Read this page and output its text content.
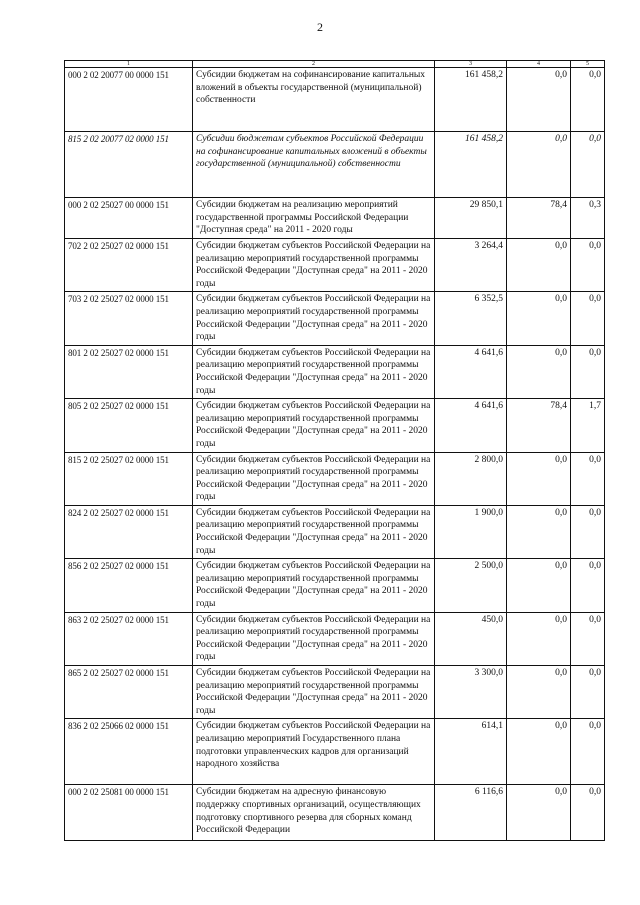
2
1	2	3	4	5
000 2 02 20077 00 0000 151	Субсидии бюджетам на софинансирование капитальных вложений в объекты государственной (муниципальной) собственности	161 458,2	0,0	0,0
815 2 02 20077 02 0000 151	Субсидии бюджетам субъектов Российской Федерации на софинансирование капитальных вложений в объекты государственной (муниципальной) собственности	161 458,2	0,0	0,0
000 2 02 25027 00 0000 151	Субсидии бюджетам на реализацию мероприятий государственной программы Российской Федерации "Доступная среда" на 2011 - 2020 годы	29 850,1	78,4	0,3
702 2 02 25027 02 0000 151	Субсидии бюджетам субъектов Российской Федерации на реализацию мероприятий государственной программы Российской Федерации "Доступная среда" на 2011 - 2020 годы	3 264,4	0,0	0,0
703 2 02 25027 02 0000 151	Субсидии бюджетам субъектов Российской Федерации на реализацию мероприятий государственной программы Российской Федерации "Доступная среда" на 2011 - 2020 годы	6 352,5	0,0	0,0
801 2 02 25027 02 0000 151	Субсидии бюджетам субъектов Российской Федерации на реализацию мероприятий государственной программы Российской Федерации "Доступная среда" на 2011 - 2020 годы	4 641,6	0,0	0,0
805 2 02 25027 02 0000 151	Субсидии бюджетам субъектов Российской Федерации на реализацию мероприятий государственной программы Российской Федерации "Доступная среда" на 2011 - 2020 годы	4 641,6	78,4	1,7
815 2 02 25027 02 0000 151	Субсидии бюджетам субъектов Российской Федерации на реализацию мероприятий государственной программы Российской Федерации "Доступная среда" на 2011 - 2020 годы	2 800,0	0,0	0,0
824 2 02 25027 02 0000 151	Субсидии бюджетам субъектов Российской Федерации на реализацию мероприятий государственной программы Российской Федерации "Доступная среда" на 2011 - 2020 годы	1 900,0	0,0	0,0
856 2 02 25027 02 0000 151	Субсидии бюджетам субъектов Российской Федерации на реализацию мероприятий государственной программы Российской Федерации "Доступная среда" на 2011 - 2020 годы	2 500,0	0,0	0,0
863 2 02 25027 02 0000 151	Субсидии бюджетам субъектов Российской Федерации на реализацию мероприятий государственной программы Российской Федерации "Доступная среда" на 2011 - 2020 годы	450,0	0,0	0,0
865 2 02 25027 02 0000 151	Субсидии бюджетам субъектов Российской Федерации на реализацию мероприятий государственной программы Российской Федерации "Доступная среда" на 2011 - 2020 годы	3 300,0	0,0	0,0
836 2 02 25066 02 0000 151	Субсидии бюджетам субъектов Российской Федерации на реализацию мероприятий Государственного плана подготовки управленческих кадров для организаций народного хозяйства	614,1	0,0	0,0
000 2 02 25081 00 0000 151	Субсидии бюджетам на адресную финансовую поддержку спортивных организаций, осуществляющих подготовку спортивного резерва для сборных команд Российской Федерации	6 116,6	0,0	0,0
